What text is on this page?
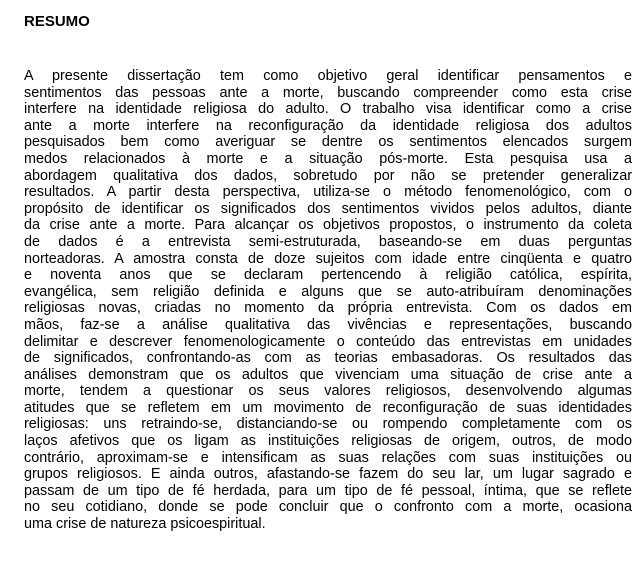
RESUMO

A presente dissertação tem como objetivo geral identificar pensamentos e
sentimentos das pessoas ante a morte, buscando compreender como esta crise
interfere na identidade religiosa do adulto. O trabalho visa identificar como a crise
ante a morte interfere na reconfiguração da identidade religiosa dos adultos
pesquisados bem como averiguar se dentre os sentimentos elencados surgem
medos relacionados à morte e a situação pós-morte. Esta pesquisa usa a
abordagem qualitativa dos dados, sobretudo por não se pretender generalizar
resultados. A partir desta perspectiva, utiliza-se o método fenomenológico, com o
propósito de identificar os significados dos sentimentos vividos pelos adultos, diante
da crise ante a morte. Para alcançar os objetivos propostos, o instrumento da coleta
de dados é a entrevista semi-estruturada, baseando-se em duas perguntas
norteadoras. A amostra consta de doze sujeitos com idade entre cinqüenta e quatro
e noventa anos que se declaram pertencendo à religião católica, espírita,
evangélica, sem religião definida e alguns que se auto-atribuíram denominações
religiosas novas, criadas no momento da própria entrevista. Com os dados em
mãos, faz-se a análise qualitativa das vivências e representações, buscando
delimitar e descrever fenomenologicamente o conteúdo das entrevistas em unidades
de significados, confrontando-as com as teorias embasadoras. Os resultados das
análises demonstram que os adultos que vivenciam uma situação de crise ante a
morte, tendem a questionar os seus valores religiosos, desenvolvendo algumas
atitudes que se refletem em um movimento de reconfiguração de suas identidades
religiosas: uns retraindo-se, distanciando-se ou rompendo completamente com os
laços afetivos que os ligam as instituições religiosas de origem, outros, de modo
contrário, aproximam-se e intensificam as suas relações com suas instituições ou
grupos religiosos. E ainda outros, afastando-se fazem do seu lar, um lugar sagrado e
passam de um tipo de fé herdada, para um tipo de fé pessoal, íntima, que se reflete
no seu cotidiano, donde se pode concluir que o confronto com a morte, ocasiona
uma crise de natureza psicoespiritual.
